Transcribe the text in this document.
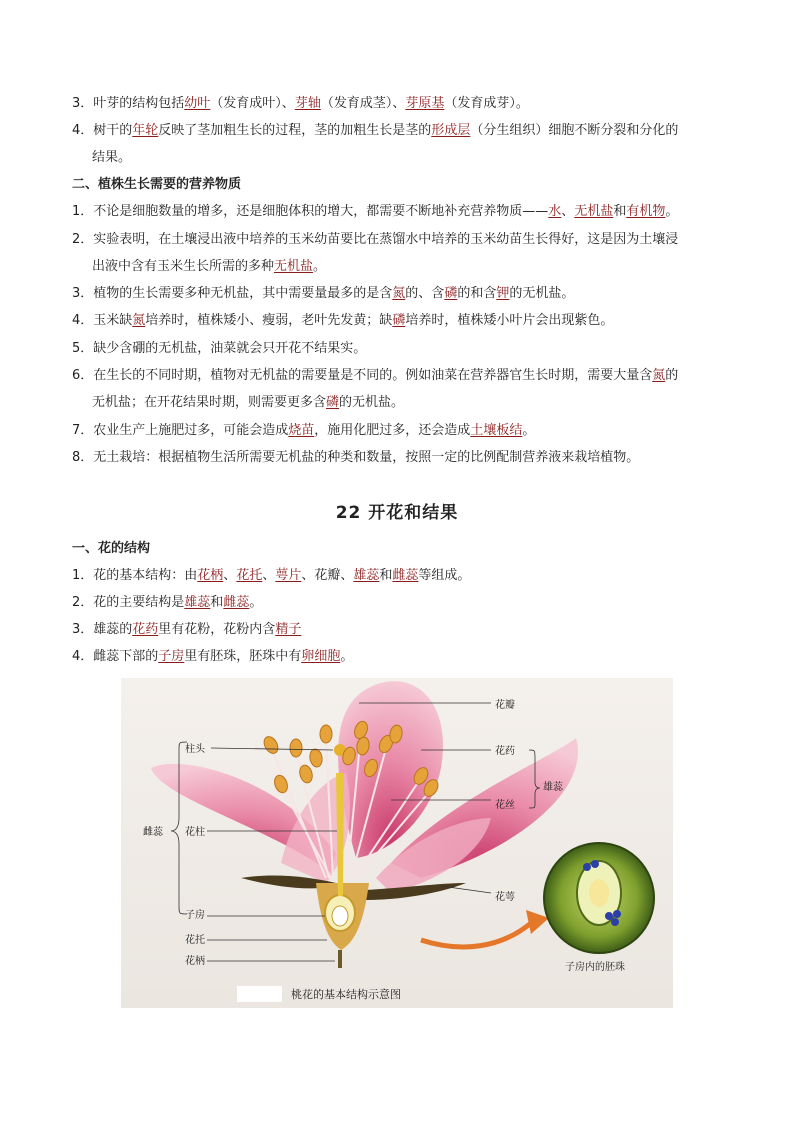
3．叶芽的结构包括幼叶（发育成叶）、芽轴（发育成茎）、芽原基（发育成芽）。
4．树干的年轮反映了茎加粗生长的过程，茎的加粗生长是茎的形成层（分生组织）细胞不断分裂和分化的
结果。
二、植株生长需要的营养物质
1．不论是细胞数量的增多，还是细胞体积的增大，都需要不断地补充营养物质——水、无机盐和有机物。
2．实验表明，在土壤浸出液中培养的玉米幼苗要比在蒸馏水中培养的玉米幼苗生长得好，这是因为土壤浸
出液中含有玉米生长所需的多种无机盐。
3．植物的生长需要多种无机盐，其中需要量最多的是含氮的、含磷的和含钾的无机盐。
4．玉米缺氮培养时，植株矮小、瘦弱，老叶先发黄；缺磷培养时，植株矮小叶片会出现紫色。
5．缺少含硼的无机盐，油菜就会只开花不结果实。
6．在生长的不同时期，植物对无机盐的需要量是不同的。例如油菜在营养器官生长时期，需要大量含氮的
无机盐；在开花结果时期，则需要更多含磷的无机盐。
7．农业生产上施肥过多，可能会造成烧苗，施用化肥过多，还会造成土壤板结。
8．无土栽培：根据植物生活所需要无机盐的种类和数量，按照一定的比例配制营养液来栽培植物。
22 开花和结果
一、花的结构
1．花的基本结构：由花柄、花托、萼片、花瓣、雄蕊和雌蕊等组成。
2．花的主要结构是雄蕊和雌蕊。
3．雄蕊的花药里有花粉，花粉内含精子
4．雌蕊下部的子房里有胚珠，胚珠中有卵细胞。
花瓣
柱头	花药
雄蕊
花丝
雌蕊 花柱
花萼
子房
花托
花柄
子房内的胚珠
桃花的基本结构示意图
